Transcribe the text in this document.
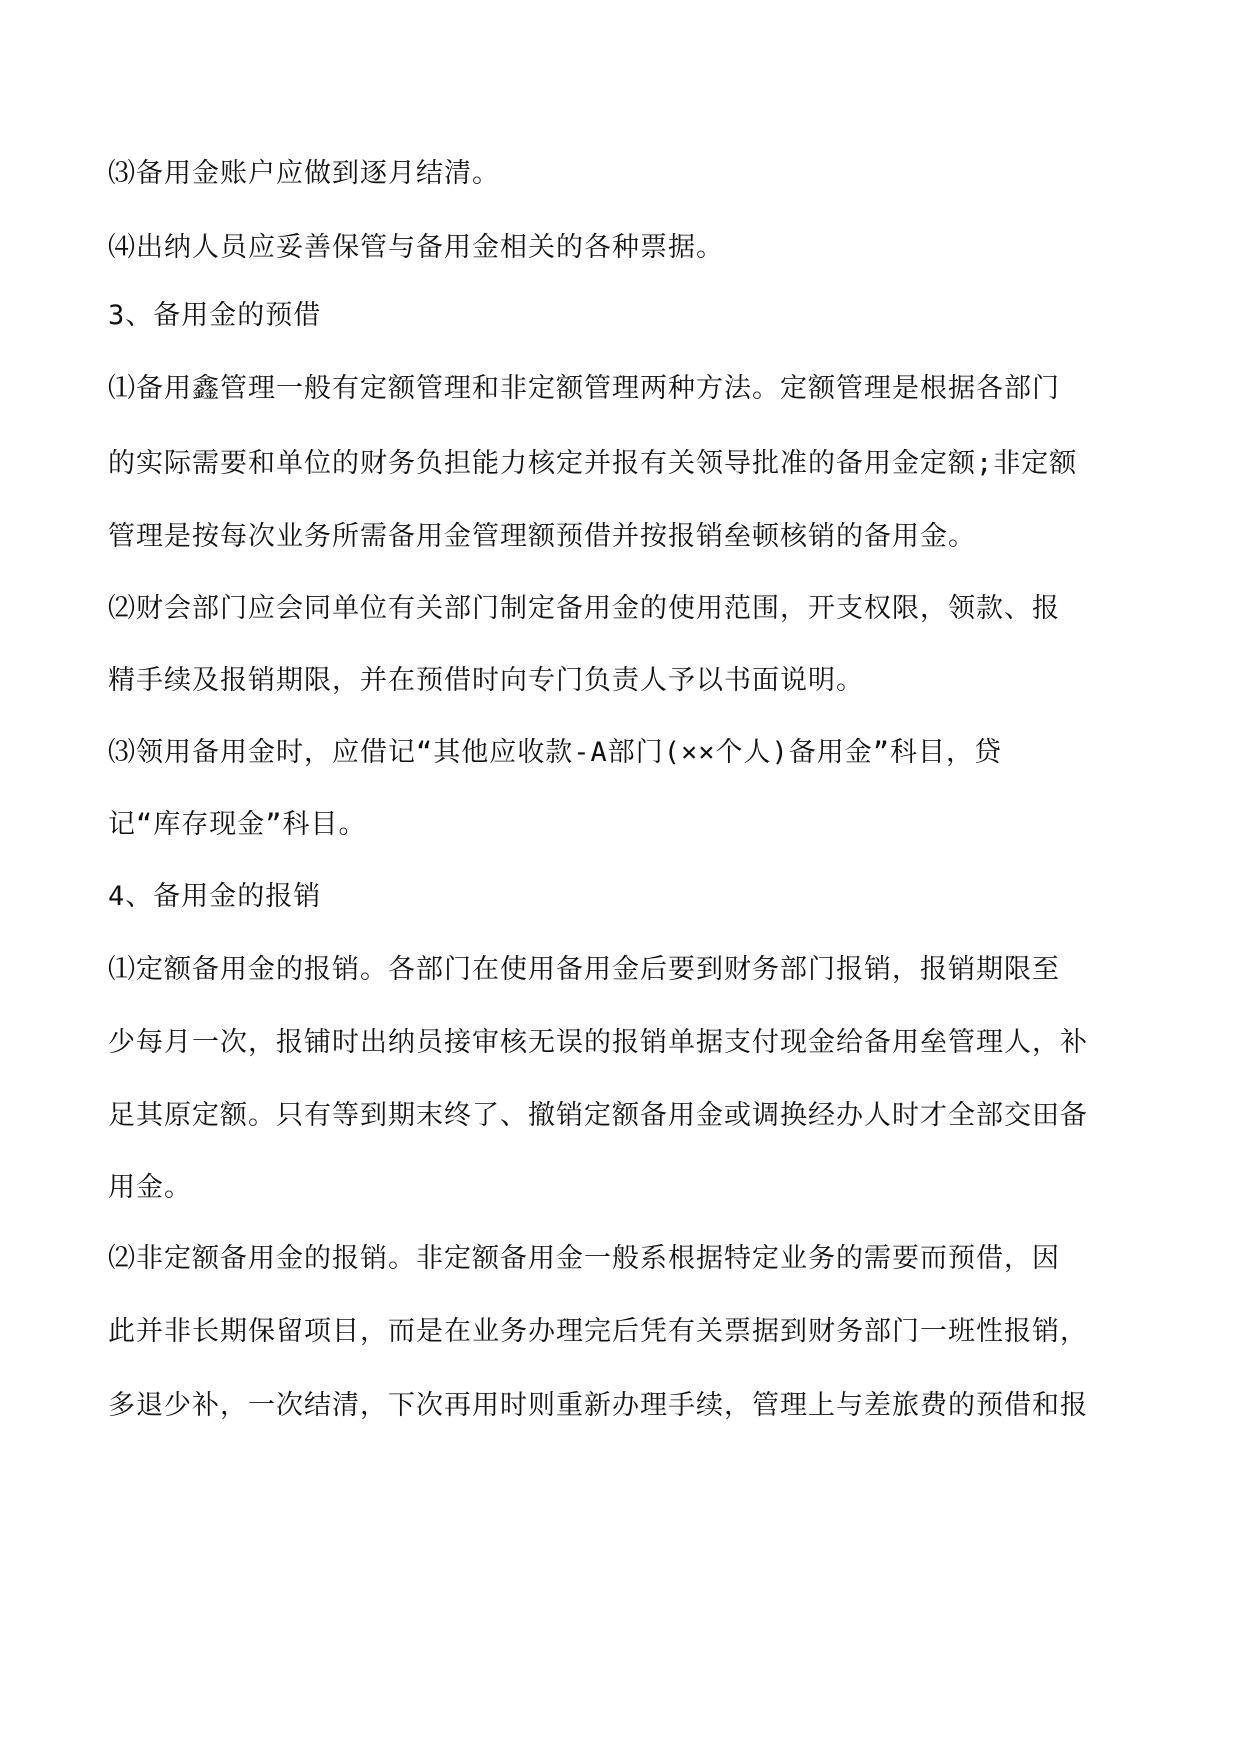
⑶备用金账户应做到逐月结清。
⑷出纳人员应妥善保管与备用金相关的各种票据。
3、备用金的预借
⑴备用鑫管理一般有定额管理和非定额管理两种方法。定额管理是根据各部门
的实际需要和单位的财务负担能力核定并报有关领导批准的备用金定额;非定额
管理是按每次业务所需备用金管理额预借并按报销垒顿核销的备用金。
⑵财会部门应会同单位有关部门制定备用金的使用范围，开支权限，领款、报
精手续及报销期限，并在预借时向专门负责人予以书面说明。
⑶领用备用金时，应借记“其他应收款-A部门(××个人)备用金”科目，贷
记“库存现金”科目。
4、备用金的报销
⑴定额备用金的报销。各部门在使用备用金后要到财务部门报销，报销期限至
少每月一次，报铺时出纳员接审核无误的报销单据支付现金给备用垒管理人，补
足其原定额。只有等到期末终了、撤销定额备用金或调换经办人时才全部交田备
用金。
⑵非定额备用金的报销。非定额备用金一般系根据特定业务的需要而预借，因
此并非长期保留项目，而是在业务办理完后凭有关票据到财务部门一班性报销，
多退少补，一次结清，下次再用时则重新办理手续，管理上与差旅费的预借和报
